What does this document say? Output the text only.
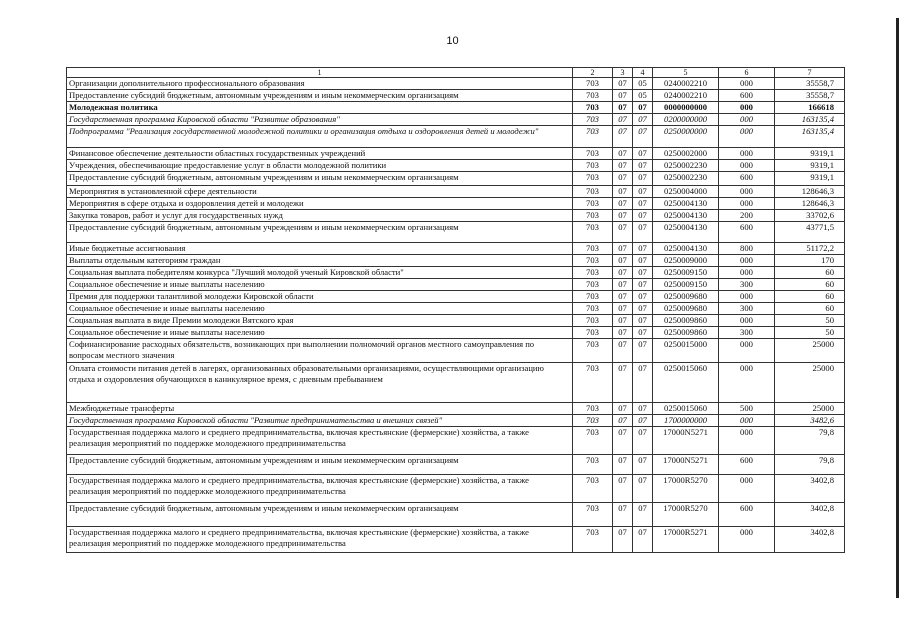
10
1	2	3	4	5	6	7
Организации дополнительного профессионального образования	703	07	05	0240002210	000	35558,7
Предоставление субсидий бюджетным, автономным учреждениям и иным некоммерческим организациям	703	07	05	0240002210	600	35558,7
Молодежная политика	703	07	07	0000000000	000	166618
Государственная программа Кировской области "Развитие образования"	703	07	07	0200000000	000	163135,4
Подпрограмма "Реализация государственной молодежной политики и организация отдыха и оздоровления детей и молодежи"	703	07	07	0250000000	000	163135,4
Финансовое обеспечение деятельности областных государственных учреждений	703	07	07	0250002000	000	9319,1
Учреждения, обеспечивающие предоставление услуг в области молодежной политики	703	07	07	0250002230	000	9319,1
Предоставление субсидий бюджетным, автономным учреждениям и иным некоммерческим организациям	703	07	07	0250002230	600	9319,1
Мероприятия в установленной сфере деятельности	703	07	07	0250004000	000	128646,3
Мероприятия в сфере отдыха и оздоровления детей и молодежи	703	07	07	0250004130	000	128646,3
Закупка товаров, работ и услуг для государственных нужд	703	07	07	0250004130	200	33702,6
Предоставление субсидий бюджетным, автономным учреждениям и иным некоммерческим организациям	703	07	07	0250004130	600	43771,5
Иные бюджетные ассигнования	703	07	07	0250004130	800	51172,2
Выплаты отдельным категориям граждан	703	07	07	0250009000	000	170
Социальная выплата победителям конкурса "Лучший молодой ученый Кировской области"	703	07	07	0250009150	000	60
Социальное обеспечение и иные выплаты населению	703	07	07	0250009150	300	60
Премия для поддержки талантливой молодежи Кировской области	703	07	07	0250009680	000	60
Социальное обеспечение и иные выплаты населению	703	07	07	0250009680	300	60
Социальная выплата в виде Премии молодежи Вятского края	703	07	07	0250009860	000	50
Социальное обеспечение и иные выплаты населению	703	07	07	0250009860	300	50
Софинансирование расходных обязательств, возникающих при выполнении полномочий органов местного самоуправления по вопросам местного значения	703	07	07	0250015000	000	25000
Оплата стоимости питания детей в лагерях, организованных образовательными организациями, осуществляющими организацию отдыха и оздоровления обучающихся в каникулярное время, с дневным пребыванием	703	07	07	0250015060	000	25000
Межбюджетные трансферты	703	07	07	0250015060	500	25000
Государственная программа Кировской области "Развитие предпринимательства и внешних связей"	703	07	07	1700000000	000	3482,6
Государственная поддержка малого и среднего предпринимательства, включая крестьянские (фермерские) хозяйства, а также реализация мероприятий по поддержке молодежного предпринимательства	703	07	07	17000N5271	000	79,8
Предоставление субсидий бюджетным, автономным учреждениям и иным некоммерческим организациям	703	07	07	17000N5271	600	79,8
Государственная поддержка малого и среднего предпринимательства, включая крестьянские (фермерские) хозяйства, а также реализация мероприятий по поддержке молодежного предпринимательства	703	07	07	17000R5270	000	3402,8
Предоставление субсидий бюджетным, автономным учреждениям и иным некоммерческим организациям	703	07	07	17000R5270	600	3402,8
Государственная поддержка малого и среднего предпринимательства, включая крестьянские (фермерские) хозяйства, а также реализация мероприятий по поддержке молодежного предпринимательства	703	07	07	17000R5271	000	3402,8
